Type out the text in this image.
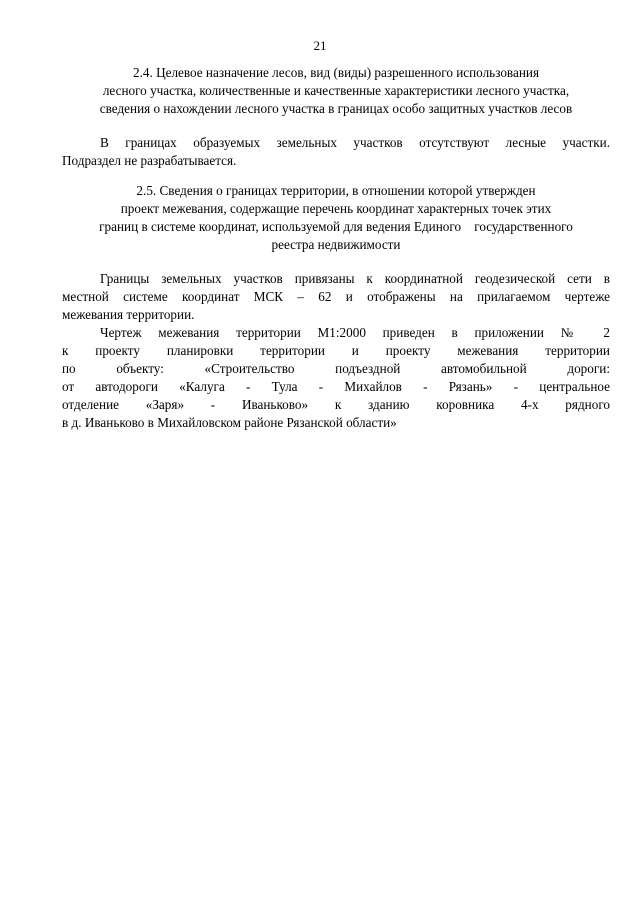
21
2.4. Целевое назначение лесов, вид (виды) разрешенного использования
лесного участка, количественные и качественные характеристики лесного участка,
сведения о нахождении лесного участка в границах особо защитных участков лесов
В границах образуемых земельных участков отсутствуют лесные участки.
Подраздел не разрабатывается.
2.5. Сведения о границах территории, в отношении которой утвержден
проект межевания, содержащие перечень координат характерных точек этих
границ в системе координат, используемой для ведения Единого    государственного
реестра недвижимости
Границы земельных участков привязаны к координатной геодезической сети в
местной системе координат МСК – 62 и отображены на прилагаемом чертеже
межевания территории.
Чертеж межевания территории М1:2000 приведен в приложении № 2
к проекту планировки территории и проекту межевания территории
по объекту: «Строительство подъездной автомобильной дороги:
от автодороги «Калуга - Тула - Михайлов - Рязань» - центральное
отделение «Заря» - Иваньково» к зданию коровника 4-х рядного
в д. Иваньково в Михайловском районе Рязанской области»
